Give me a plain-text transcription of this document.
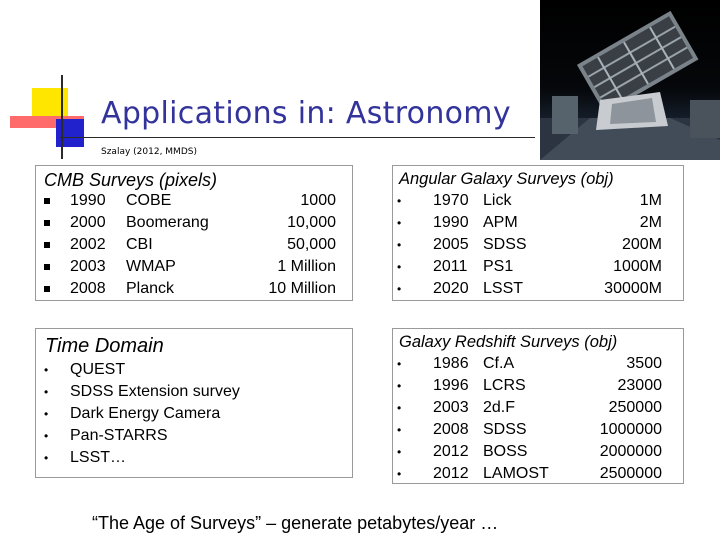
Applications in: Astronomy
Szalay (2012, MMDS)
CMB Surveys (pixels)
1990 COBE	1000
2000 Boomerang	10,000
2002 CBI	50,000
2003 WMAP	1 Million
2008 Planck	10 Million
Angular Galaxy Surveys (obj)
• 1970 Lick	1M
• 1990 APM	2M
• 2005 SDSS	200M
• 2011 PS1	1000M
• 2020 LSST	30000M
Time Domain
• QUEST
• SDSS Extension survey
• Dark Energy Camera
• Pan-STARRS
• LSST…
Galaxy Redshift Surveys (obj)
• 1986 Cf.A	3500
• 1996 LCRS	23000
• 2003 2d.F	250000
• 2008 SDSS	1000000
• 2012 BOSS	2000000
• 2012 LAMOST	2500000
“The Age of Surveys” – generate petabytes/year …
